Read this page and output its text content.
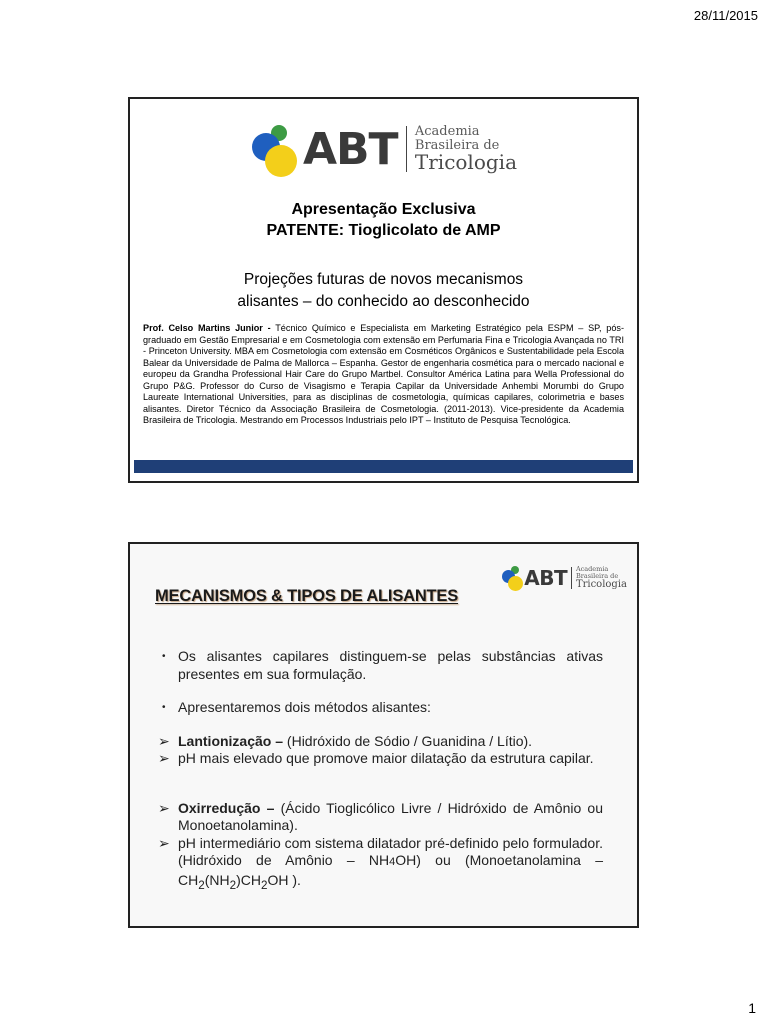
28/11/2015
ABT Academia
Brasileira de
Tricologia
Apresentação Exclusiva
PATENTE: Tioglicolato de AMP
Projeções futuras de novos mecanismos
alisantes – do conhecido ao desconhecido
Prof. Celso Martins Junior - Técnico Químico e Especialista em Marketing Estratégico pela ESPM – SP, pós-graduado em Gestão Empresarial e em Cosmetologia com extensão em Perfumaria Fina e Tricologia Avançada no TRI - Princeton University. MBA em Cosmetologia com extensão em Cosméticos Orgânicos e Sustentabilidade pela Escola Balear da Universidade de Palma de Mallorca – Espanha. Gestor de engenharia cosmética para o mercado nacional e europeu da Grandha Professional Hair Care do Grupo Martbel. Consultor América Latina para Wella Professional do Grupo P&G. Professor do Curso de Visagismo e Terapia Capilar da Universidade Anhembi Morumbi do Grupo Laureate International Universities, para as disciplinas de cosmetologia, químicas capilares, colorimetria e bases alisantes. Diretor Técnico da Associação Brasileira de Cosmetologia. (2011-2013). Vice-presidente da Academia Brasileira de Tricologia. Mestrando em Processos Industriais pelo IPT – Instituto de Pesquisa Tecnológica.
ABT Academia
Brasileira de
Tricologia
MECANISMOS & TIPOS DE ALISANTES
• Os alisantes capilares distinguem-se pelas substâncias ativas presentes em sua formulação.
• Apresentaremos dois métodos alisantes:
➢ Lantionização – (Hidróxido de Sódio / Guanidina / Lítio).
➢ pH mais elevado que promove maior dilatação da estrutura capilar.
➢ Oxirredução – (Ácido Tioglicólico Livre / Hidróxido de Amônio ou Monoetanolamina).
➢ pH intermediário com sistema dilatador pré-definido pelo formulador. (Hidróxido de Amônio – NH4OH) ou (Monoetanolamina – $CH_2(NH_2)CH_2OH$ ).
1
